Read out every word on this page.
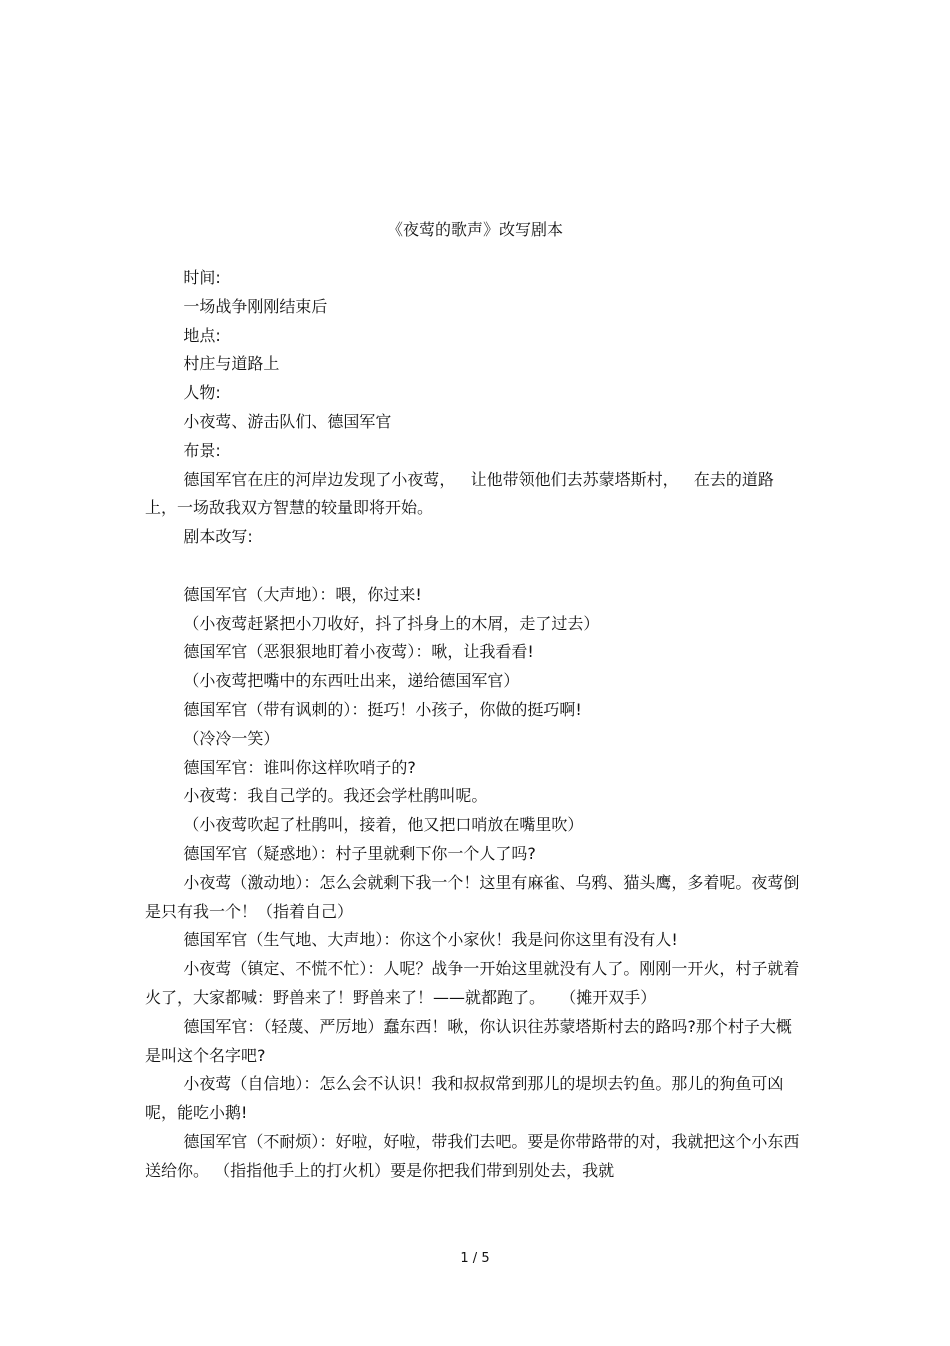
《夜莺的歌声》改写剧本

时间:

一场战争刚刚结束后

地点:

村庄与道路上

人物:

小夜莺、游击队们、德国军官

布景:

德国军官在庄的河岸边发现了小夜莺，   让他带领他们去苏蒙塔斯村，   在去的道路上，一场敌我双方智慧的较量即将开始。

剧本改写:

德国军官（大声地）：喂，你过来!

（小夜莺赶紧把小刀收好，抖了抖身上的木屑，走了过去）

德国军官（恶狠狠地盯着小夜莺）：啾，让我看看!

（小夜莺把嘴中的东西吐出来，递给德国军官）

德国军官（带有讽刺的）：挺巧！小孩子，你做的挺巧啊!

（冷冷一笑）

德国军官：谁叫你这样吹哨子的?

小夜莺：我自己学的。我还会学杜鹃叫呢。

（小夜莺吹起了杜鹃叫，接着，他又把口哨放在嘴里吹）

德国军官（疑惑地）：村子里就剩下你一个人了吗?

小夜莺（激动地）：怎么会就剩下我一个！这里有麻雀、乌鸦、猫头鹰，多着呢。夜莺倒是只有我一个！（指着自己）

德国军官（生气地、大声地）：你这个小家伙！我是问你这里有没有人!

小夜莺（镇定、不慌不忙）：人呢？战争一开始这里就没有人了。刚刚一开火，村子就着火了，大家都喊：野兽来了！野兽来了！——就都跑了。   （摊开双手）

德国军官：（轻蔑、严厉地）蠢东西！啾，你认识往苏蒙塔斯村去的路吗?那个村子大概是叫这个名字吧?

小夜莺（自信地）：怎么会不认识！我和叔叔常到那儿的堤坝去钓鱼。那儿的狗鱼可凶呢，能吃小鹅!

德国军官（不耐烦）：好啦，好啦，带我们去吧。要是你带路带的对，我就把这个小东西送给你。 （指指他手上的打火机）要是你把我们带到别处去，我就

1 / 5
